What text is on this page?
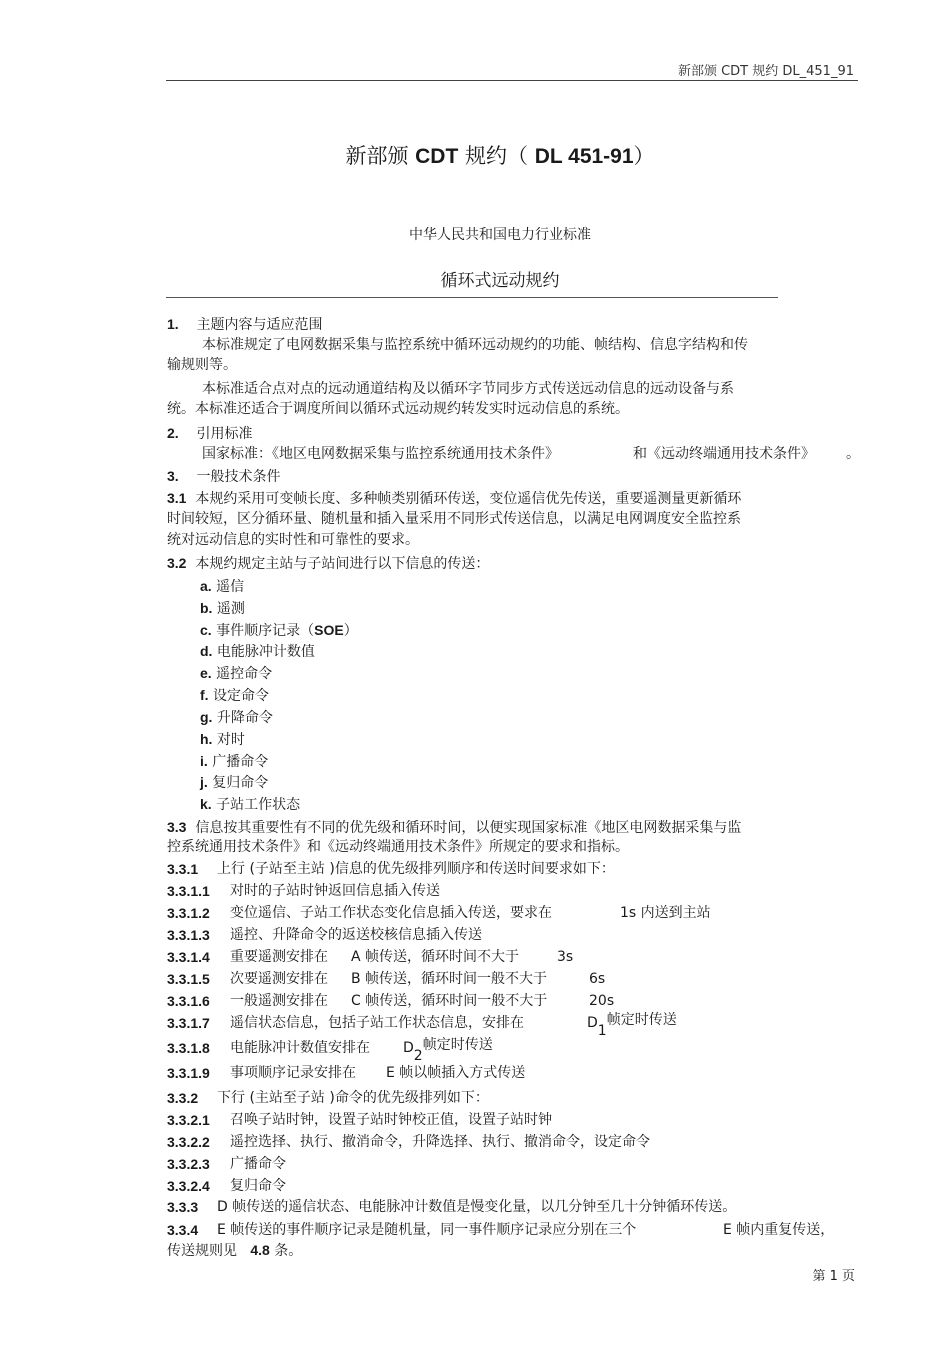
新部颁 CDT 规约 DL_451_91
新部颁 CDT 规约（ DL 451-91）
中华人民共和国电力行业标准
循环式远动规约
1. 主题内容与适应范围
本标准规定了电网数据采集与监控系统中循环远动规约的功能、帧结构、信息字结构和传
输规则等。
本标准适合点对点的远动通道结构及以循环字节同步方式传送远动信息的远动设备与系
统。本标准还适合于调度所间以循环式远动规约转发实时远动信息的系统。
2. 引用标准
国家标准：《地区电网数据采集与监控系统通用技术条件》	和《远动终端通用技术条件》 。
3. 一般技术条件
3.1 本规约采用可变帧长度、多种帧类别循环传送，变位遥信优先传送，重要遥测量更新循环
时间较短，区分循环量、随机量和插入量采用不同形式传送信息，以满足电网调度安全监控系
统对远动信息的实时性和可靠性的要求。
3.2 本规约规定主站与子站间进行以下信息的传送：
a. 遥信
b. 遥测
c. 事件顺序记录（SOE）
d. 电能脉冲计数值
e. 遥控命令
f. 设定命令
g. 升降命令
h. 对时
i. 广播命令
j. 复归命令
k. 子站工作状态
3.3 信息按其重要性有不同的优先级和循环时间，以便实现国家标准《地区电网数据采集与监
控系统通用技术条件》和《远动终端通用技术条件》所规定的要求和指标。
3.3.1 上行 (子站至主站 )信息的优先级排列顺序和传送时间要求如下：
3.3.1.1 对时的子站时钟返回信息插入传送
3.3.1.2 变位遥信、子站工作状态变化信息插入传送，要求在	1s 内送到主站
3.3.1.3 遥控、升降命令的返送校核信息插入传送
3.3.1.4 重要遥测安排在 A 帧传送，循环时间不大于	3s
3.3.1.5 次要遥测安排在 B 帧传送，循环时间一般不大于	6s
3.3.1.6 一般遥测安排在 C 帧传送，循环时间一般不大于	20s
3.3.1.7 遥信状态信息，包括子站工作状态信息，安排在	D1帧定时传送
3.3.1.8 电能脉冲计数值安排在 D2帧定时传送
3.3.1.9 事项顺序记录安排在 E 帧以帧插入方式传送
3.3.2 下行 (主站至子站 )命令的优先级排列如下：
3.3.2.1 召唤子站时钟，设置子站时钟校正值，设置子站时钟
3.3.2.2 遥控选择、执行、撤消命令，升降选择、执行、撤消命令，设定命令
3.3.2.3 广播命令
3.3.2.4 复归命令
3.3.3 D 帧传送的遥信状态、电能脉冲计数值是慢变化量，以几分钟至几十分钟循环传送。
3.3.4 E 帧传送的事件顺序记录是随机量，同一事件顺序记录应分别在三个	E 帧内重复传送，
传送规则见 4.8 条。
第 1 页
